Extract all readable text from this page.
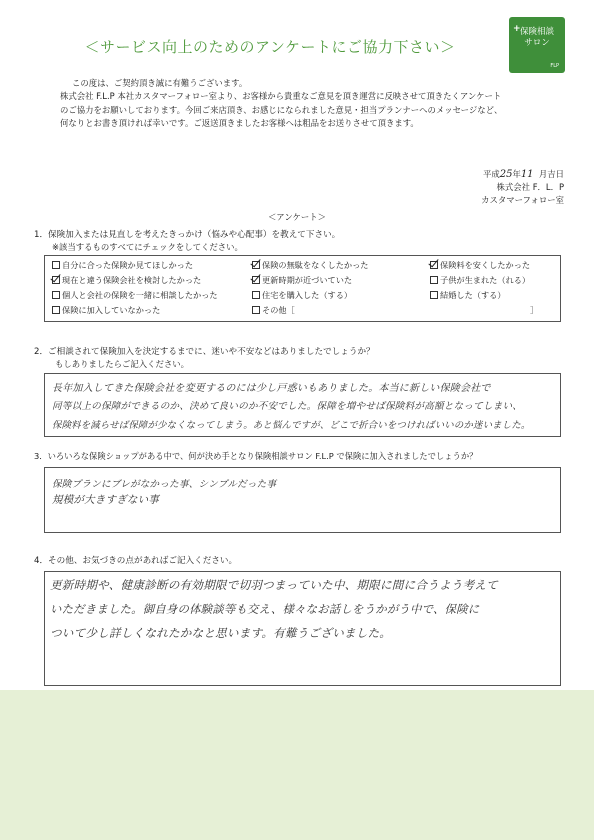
＜サービス向上のためのアンケートにご協力下さい＞
+ 保険相談
サロン
FLP

この度は、ご契約頂き誠に有難うございます。

株式会社 F.L.P 本社カスタマーフォロー室より、お客様から貴重なご意見を頂き運営に反映させて頂きたくアンケート

のご協力をお願いしております。今回ご来店頂き、お感じになられました意見・担当プランナーへのメッセージなど、

何なりとお書き頂ければ幸いです。ご返送頂きましたお客様へは粗品をお送りさせて頂きます。

平成25年11 月吉日
株式会社 F．L．P
カスタマーフォロー室
＜アンケート＞
1．保険加入または見直しを考えたきっかけ（悩みや心配事）を教えて下さい。
※該当するものすべてにチェックをしてください。
自分に合った保険か見てほしかった	保険の無駄をなくしたかった	保険料を安くしたかった
現在と違う保険会社を検討したかった	更新時期が近づいていた	子供が生まれた（れる）
個人と会社の保険を一緒に相談したかった	住宅を購入した（する）	結婚した（する）
保険に加入していなかった	その他［	］
2．ご相談されて保険加入を決定するまでに、迷いや不安などはありましたでしょうか？
もしありましたらご記入ください。
長年加入してきた保険会社を変更するのには少し戸惑いもありました。本当に新しい保険会社で
同等以上の保障ができるのか、決めて良いのか不安でした。保障を増やせば保険料が高額となってしまい、
保険料を減らせば保障が少なくなってしまう。あと悩んですが、どこで折合いをつければいいのか迷いました。
3．いろいろな保険ショップがある中で、何が決め手となり保険相談サロン F.L.P で保険に加入されましたでしょうか？
保険プランにブレがなかった事、シンプルだった事
規模が大きすぎない事
4．その他、お気づきの点があればご記入ください。
更新時期や、健康診断の有効期限で切羽つまっていた中、期限に間に合うよう考えて
いただきました。御自身の体験談等も交え、様々なお話しをうかがう中で、保険に
ついて少し詳しくなれたかなと思います。有難うございました。
